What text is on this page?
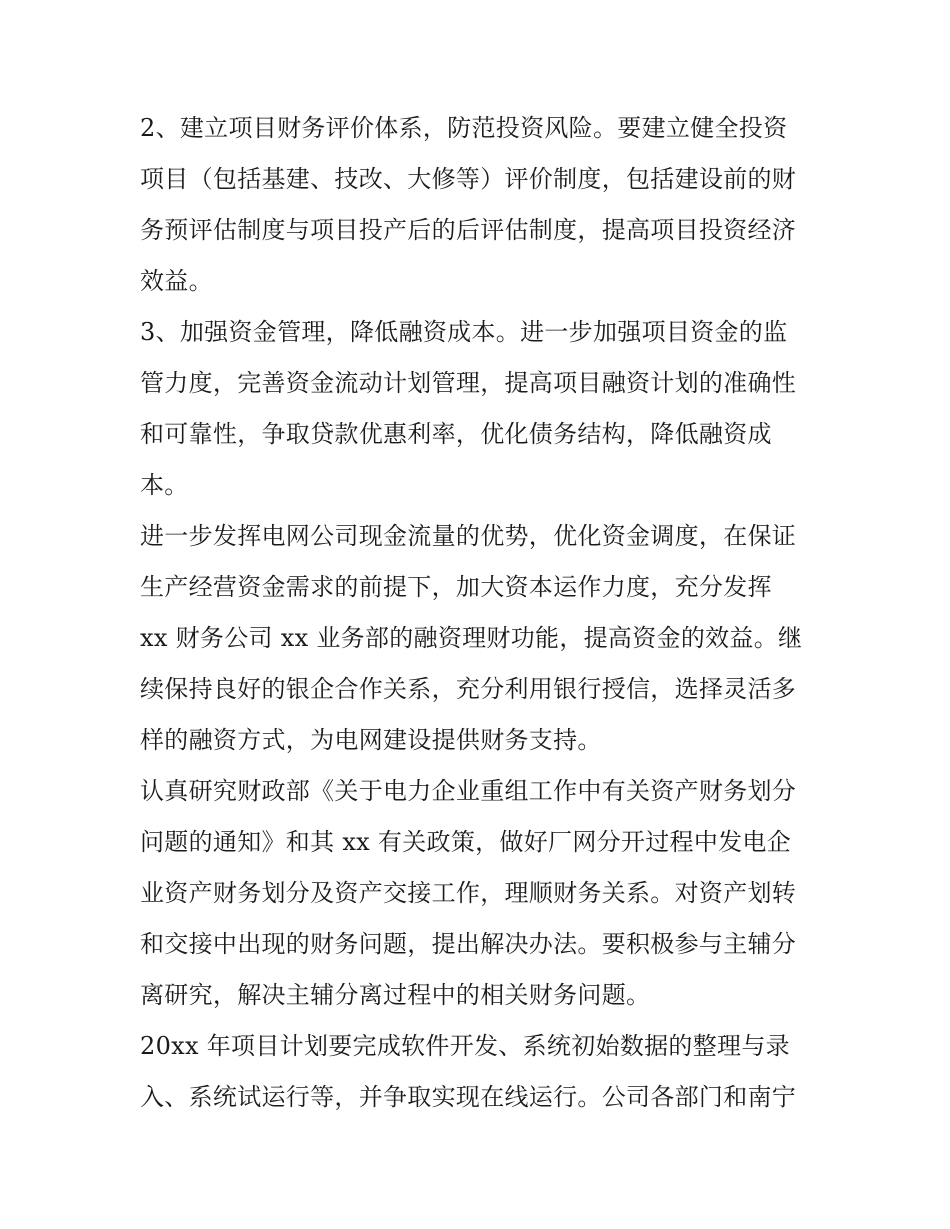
2、建立项目财务评价体系，防范投资风险。要建立健全投资
项目（包括基建、技改、大修等）评价制度，包括建设前的财
务预评估制度与项目投产后的后评估制度，提高项目投资经济
效益。
3、加强资金管理，降低融资成本。进一步加强项目资金的监
管力度，完善资金流动计划管理，提高项目融资计划的准确性
和可靠性，争取贷款优惠利率，优化债务结构，降低融资成
本。
进一步发挥电网公司现金流量的优势，优化资金调度，在保证
生产经营资金需求的前提下，加大资本运作力度，充分发挥
xx 财务公司 xx 业务部的融资理财功能，提高资金的效益。继
续保持良好的银企合作关系，充分利用银行授信，选择灵活多
样的融资方式，为电网建设提供财务支持。
认真研究财政部《关于电力企业重组工作中有关资产财务划分
问题的通知》和其 xx 有关政策，做好厂网分开过程中发电企
业资产财务划分及资产交接工作，理顺财务关系。对资产划转
和交接中出现的财务问题，提出解决办法。要积极参与主辅分
离研究，解决主辅分离过程中的相关财务问题。
20xx 年项目计划要完成软件开发、系统初始数据的整理与录
入、系统试运行等，并争取实现在线运行。公司各部门和南宁
